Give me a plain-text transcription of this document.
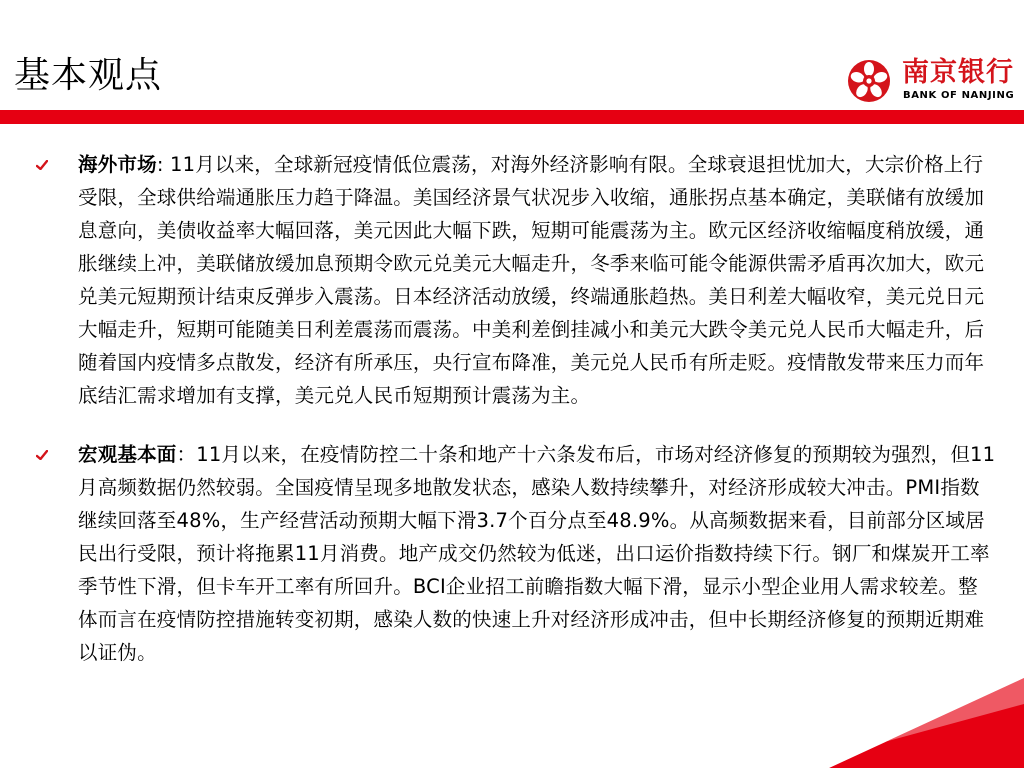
基本观点	南京银行
BANK OF NANJING
海外市场: 11月以来，全球新冠疫情低位震荡，对海外经济影响有限。全球衰退担忧加大，大宗价格上行受限，全球供给端通胀压力趋于降温。美国经济景气状况步入收缩，通胀拐点基本确定，美联储有放缓加息意向，美债收益率大幅回落，美元因此大幅下跌，短期可能震荡为主。欧元区经济收缩幅度稍放缓，通胀继续上冲，美联储放缓加息预期令欧元兑美元大幅走升，冬季来临可能令能源供需矛盾再次加大，欧元兑美元短期预计结束反弹步入震荡。日本经济活动放缓，终端通胀趋热。美日利差大幅收窄，美元兑日元大幅走升，短期可能随美日利差震荡而震荡。中美利差倒挂减小和美元大跌令美元兑人民币大幅走升，后随着国内疫情多点散发，经济有所承压，央行宣布降准，美元兑人民币有所走贬。疫情散发带来压力而年底结汇需求增加有支撑，美元兑人民币短期预计震荡为主。
宏观基本面：11月以来，在疫情防控二十条和地产十六条发布后，市场对经济修复的预期较为强烈，但11月高频数据仍然较弱。全国疫情呈现多地散发状态，感染人数持续攀升，对经济形成较大冲击。PMI指数继续回落至48%，生产经营活动预期大幅下滑3.7个百分点至48.9%。从高频数据来看，目前部分区域居民出行受限，预计将拖累11月消费。地产成交仍然较为低迷，出口运价指数持续下行。钢厂和煤炭开工率季节性下滑，但卡车开工率有所回升。BCI企业招工前瞻指数大幅下滑，显示小型企业用人需求较差。整体而言在疫情防控措施转变初期，感染人数的快速上升对经济形成冲击，但中长期经济修复的预期近期难以证伪。
